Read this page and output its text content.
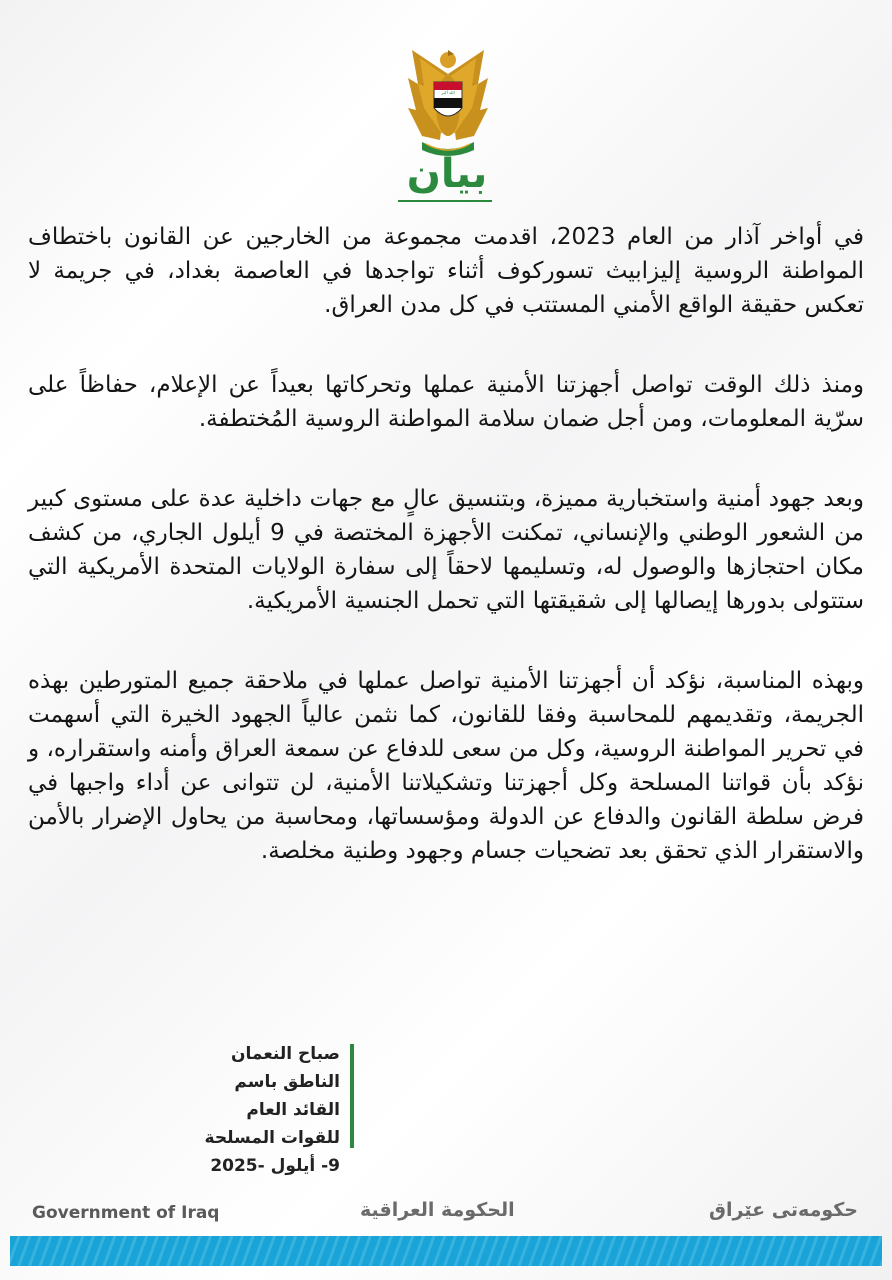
الله أكبر
بيان

في أواخر آذار من العام 2023، اقدمت مجموعة من الخارجين عن القانون باختطاف المواطنة الروسية إليزابيث تسوركوف أثناء تواجدها في العاصمة بغداد، في جريمة لا تعكس حقيقة الواقع الأمني المستتب في كل مدن العراق.

ومنذ ذلك الوقت تواصل أجهزتنا الأمنية عملها وتحركاتها بعيداً عن الإعلام، حفاظاً على سرّية المعلومات، ومن أجل ضمان سلامة المواطنة الروسية المُختطفة.

وبعد جهود أمنية واستخبارية مميزة، وبتنسيق عالٍ مع جهات داخلية عدة على مستوى كبير من الشعور الوطني والإنساني، تمكنت الأجهزة المختصة في 9 أيلول الجاري، من كشف مكان احتجازها والوصول له، وتسليمها لاحقاً إلى سفارة الولايات المتحدة الأمريكية التي ستتولى بدورها إيصالها إلى شقيقتها التي تحمل الجنسية الأمريكية.

وبهذه المناسبة، نؤكد أن أجهزتنا الأمنية تواصل عملها في ملاحقة جميع المتورطين بهذه الجريمة، وتقديمهم للمحاسبة وفقا للقانون، كما نثمن عالياً الجهود الخيرة التي أسهمت في تحرير المواطنة الروسية، وكل من سعى للدفاع عن سمعة العراق وأمنه واستقراره، و نؤكد بأن قواتنا المسلحة وكل أجهزتنا وتشكيلاتنا الأمنية، لن تتوانى عن أداء واجبها في فرض سلطة القانون والدفاع عن الدولة ومؤسساتها، ومحاسبة من يحاول الإضرار بالأمن والاستقرار الذي تحقق بعد تضحيات جسام وجهود وطنية مخلصة.

صباح النعمان
الناطق باسم القائد العام
للقوات المسلحة
9- أيلول -2025
Government of Iraq	الحكومة العراقية	حکومەتی عێراق
